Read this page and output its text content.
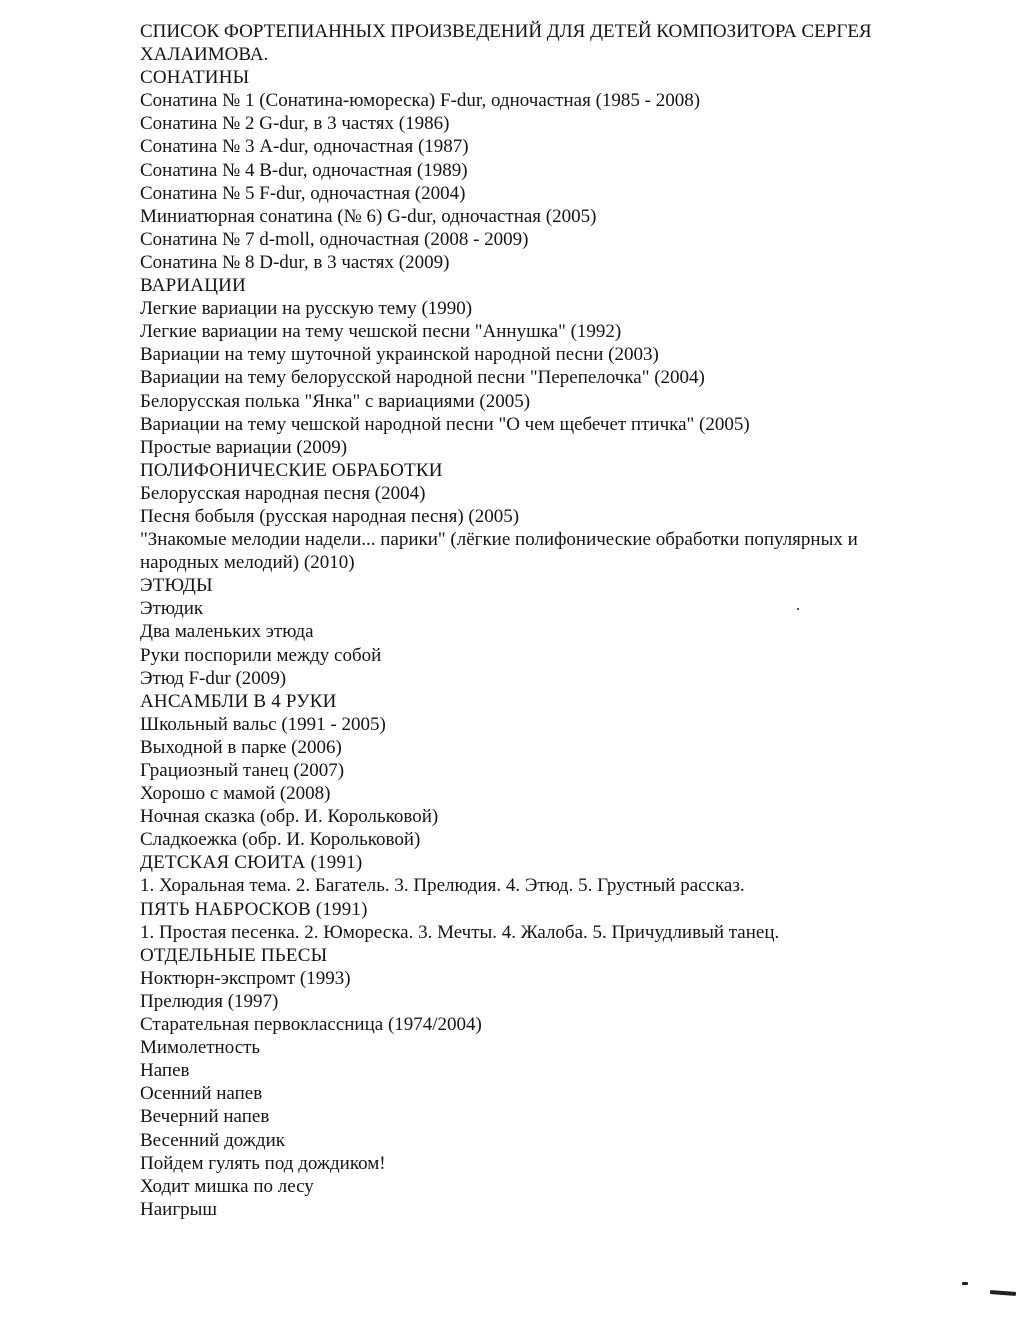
СПИСОК ФОРТЕПИАННЫХ ПРОИЗВЕДЕНИЙ ДЛЯ ДЕТЕЙ КОМПОЗИТОРА СЕРГЕЯ ХАЛАИМОВА.
СОНАТИНЫ
Сонатина № 1 (Сонатина-юмореска) F-dur, одночастная (1985 - 2008)
Сонатина № 2 G-dur, в 3 частях (1986)
Сонатина № 3 A-dur, одночастная (1987)
Сонатина № 4 B-dur, одночастная (1989)
Сонатина № 5 F-dur, одночастная (2004)
Миниатюрная сонатина (№ 6) G-dur, одночастная (2005)
Сонатина № 7 d-moll, одночастная (2008 - 2009)
Сонатина № 8 D-dur, в 3 частях (2009)
ВАРИАЦИИ
Легкие вариации на русскую тему (1990)
Легкие вариации на тему чешской песни "Аннушка" (1992)
Вариации на тему шуточной украинской народной песни (2003)
Вариации на тему белорусской народной песни "Перепелочка" (2004)
Белорусская полька "Янка" с вариациями (2005)
Вариации на тему чешской народной песни "О чем щебечет птичка" (2005)
Простые вариации (2009)
ПОЛИФОНИЧЕСКИЕ ОБРАБОТКИ
Белорусская народная песня (2004)
Песня бобыля (русская народная песня) (2005)
"Знакомые мелодии надели... парики" (лёгкие полифонические обработки популярных и
народных мелодий) (2010)
ЭТЮДЫ
Этюдик
Два маленьких этюда
Руки поспорили между собой
Этюд F-dur (2009)
АНСАМБЛИ В 4 РУКИ
Школьный вальс (1991 - 2005)
Выходной в парке (2006)
Грациозный танец (2007)
Хорошо с мамой (2008)
Ночная сказка (обр. И. Корольковой)
Сладкоежка (обр. И. Корольковой)
ДЕТСКАЯ СЮИТА (1991)
1. Хоральная тема. 2. Багатель. 3. Прелюдия. 4. Этюд. 5. Грустный рассказ.
ПЯТЬ НАБРОСКОВ (1991)
1. Простая песенка. 2. Юмореска. 3. Мечты. 4. Жалоба. 5. Причудливый танец.
ОТДЕЛЬНЫЕ ПЬЕСЫ
Ноктюрн-экспромт (1993)
Прелюдия (1997)
Старательная первоклассница (1974/2004)
Мимолетность
Напев
Осенний напев
Вечерний напев
Весенний дождик
Пойдем гулять под дождиком!
Ходит мишка по лесу
Наигрыш
